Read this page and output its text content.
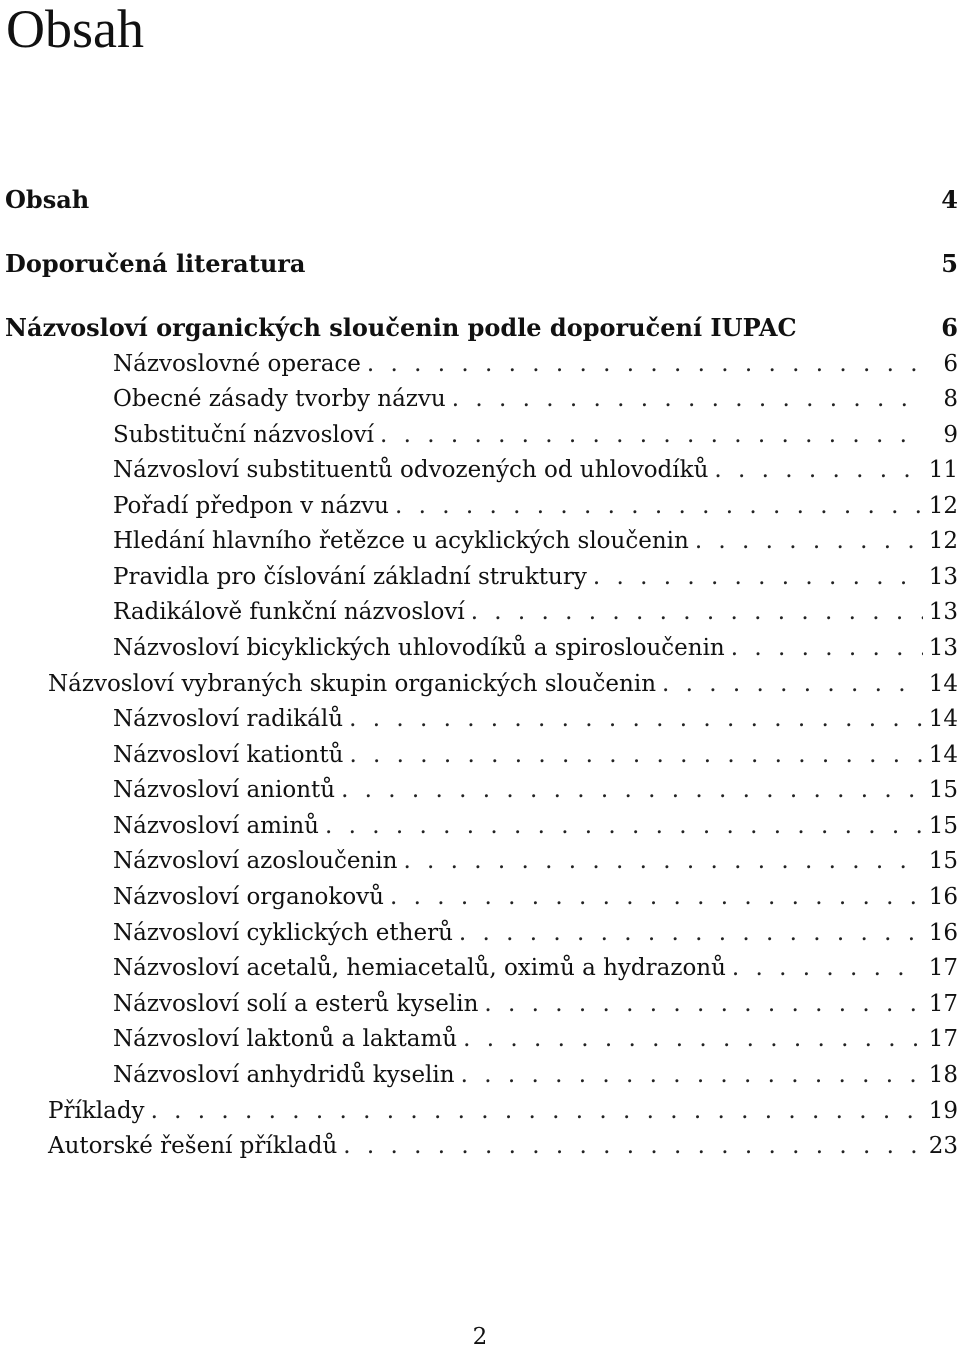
Obsah
Obsah	4
Doporučená literatura	5
Názvosloví organických sloučenin podle doporučení IUPAC	6
Názvoslovné operace . . .	6
Obecné zásady tvorby názvu . . .	8
Substituční názvosloví . . .	9
Názvosloví substituentů odvozených od uhlovodíků . . .	11
Pořadí předpon v názvu . . .	12
Hledání hlavního řetězce u acyklických sloučenin . . .	12
Pravidla pro číslování základní struktury . . .	13
Radikálově funkční názvosloví . . .	13
Názvosloví bicyklických uhlovodíků a spirosloučenin . . .	13
Názvosloví vybraných skupin organických sloučenin . . .	14
Názvosloví radikálů . . .	14
Názvosloví kationtů . . .	14
Názvosloví aniontů . . .	15
Názvosloví aminů . . .	15
Názvosloví azosloučenin . . .	15
Názvosloví organokovů . . .	16
Názvosloví cyklických etherů . . .	16
Názvosloví acetalů, hemiacetalů, oximů a hydrazonů . . .	17
Názvosloví solí a esterů kyselin . . .	17
Názvosloví laktonů a laktamů . . .	17
Názvosloví anhydridů kyselin . . .	18
Příklady . . .	19
Autorské řešení příkladů . . .	23
2
